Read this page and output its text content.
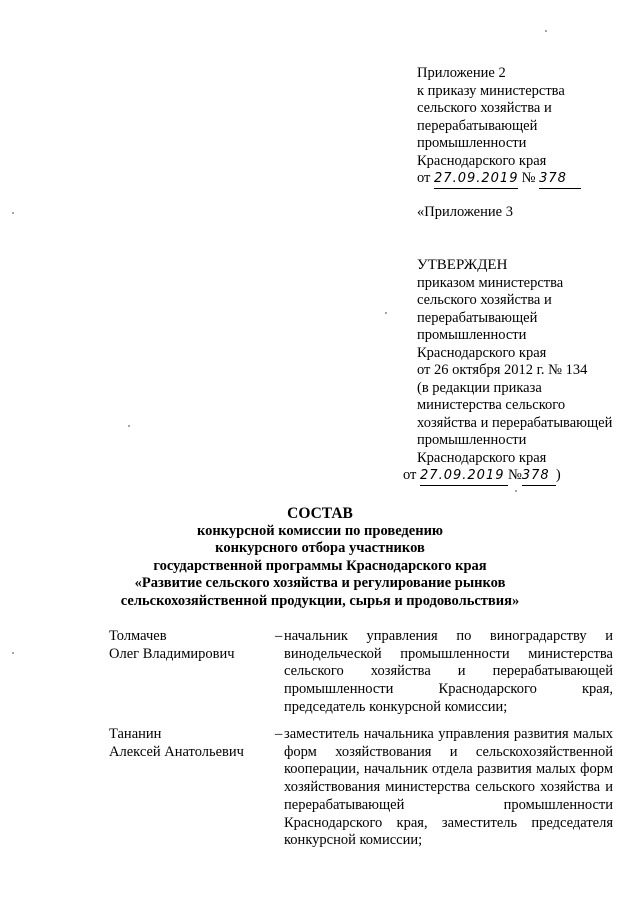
Приложение 2
к приказу министерства
сельского хозяйства и
перерабатывающей
промышленности
Краснодарского края
от 27.09.2019 № 378
«Приложение 3
УТВЕРЖДЕН
приказом министерства
сельского хозяйства и
перерабатывающей
промышленности
Краснодарского края
от 26 октября 2012 г. № 134
(в редакции приказа
министерства сельского
хозяйства и перерабатывающей
промышленности
Краснодарского края
от 27.09.2019 №378 )
СОСТАВ
конкурсной комиссии по проведению
конкурсного отбора участников
государственной программы Краснодарского края
«Развитие сельского хозяйства и регулирование рынков
сельскохозяйственной продукции, сырья и продовольствия»
Толмачев
Олег Владимирович
– начальник управления по виноградарству и винодельческой промышленности министерства сельского хозяйства и перерабатывающей промышленности Краснодарского края, председатель конкурсной комиссии;
Тананин
Алексей Анатольевич
– заместитель начальника управления развития малых форм хозяйствования и сельскохозяйственной кооперации, начальник отдела развития малых форм хозяйствования министерства сельского хозяйства и перерабатывающей промышленности Краснодарского края, заместитель председателя конкурсной комиссии;
